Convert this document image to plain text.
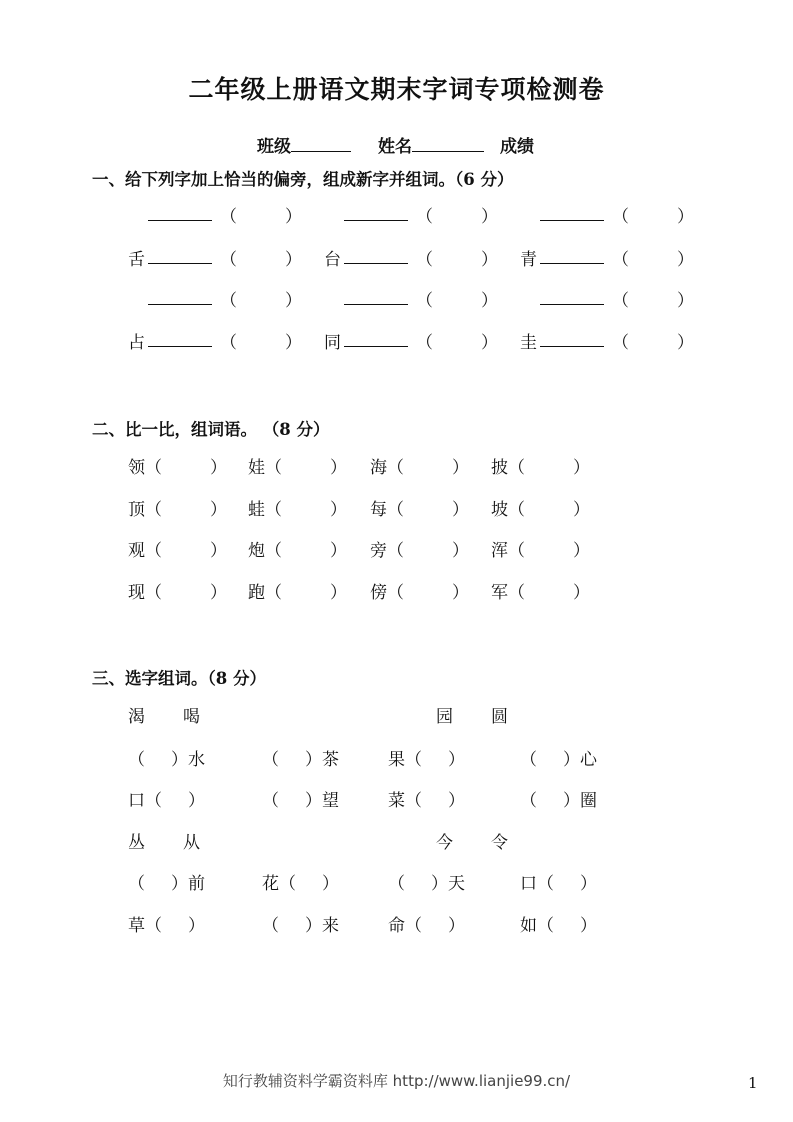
二年级上册语文期末字词专项检测卷
班级	姓名	成绩
一、给下列字加上恰当的偏旁，组成新字并组词。（6 分）
二、比一比，组词语。 （8 分）
三、选字组词。（8 分）
知行教辅资料学霸资料库 http://www.lianjie99.cn/	1
（	）	（	）	（	）
舌	（	） 台	（	） 青	（	）
（	）	（	）	（	）
占	（	） 同	（	） 圭	（	）
领（	） 娃（	） 海（	） 披（	）
顶（	） 蛙（	） 每（	） 坡（	）
观（	） 炮（	） 旁（	） 浑（	）
现（	） 跑（	） 傍（	） 军（	）
渴 喝	园 圆
（ ）水	（ ）茶	果（ ）	（ ）心
口（ ）	（ ）望	菜（ ）	（ ）圈
丛 从	今 令
（ ）前	花（ ）	（ ）天	口（ ）
草（ ）	（ ）来	命（ ）	如（ ）
